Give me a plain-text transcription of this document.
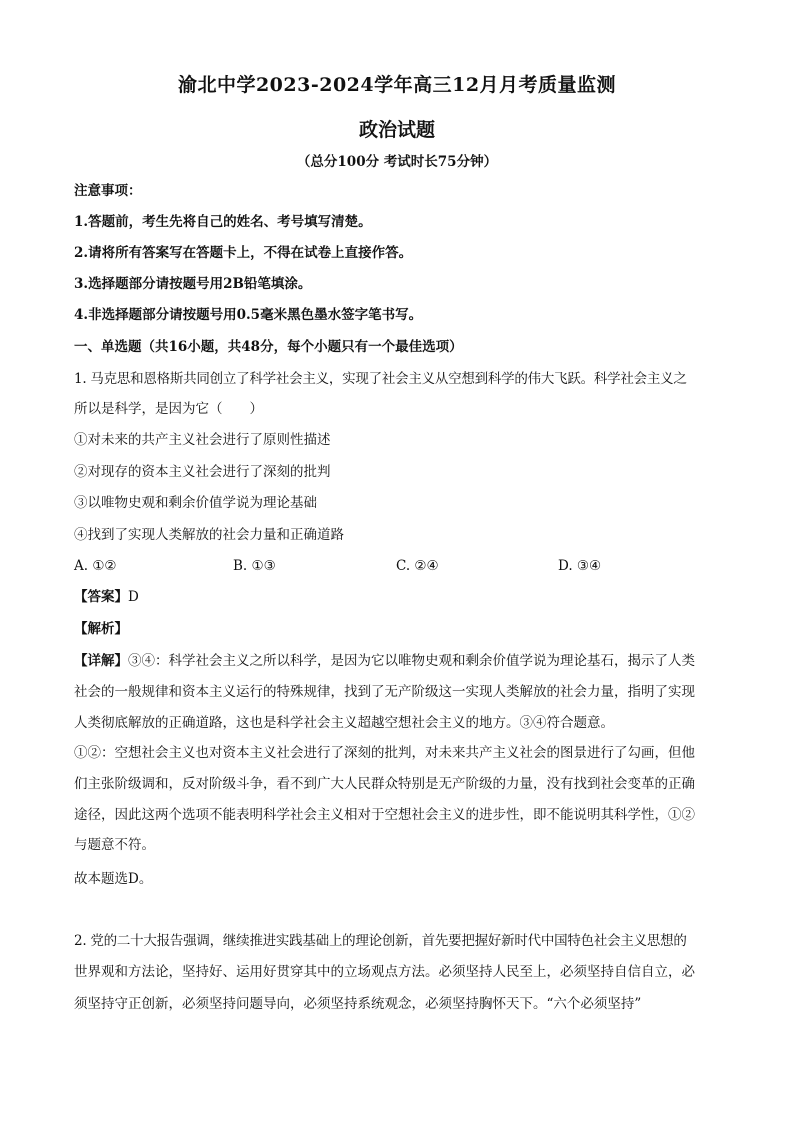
渝北中学2023-2024学年高三12月月考质量监测
政治试题
（总分100分 考试时长75分钟）
注意事项：
1.答题前，考生先将自己的姓名、考号填写清楚。
2.请将所有答案写在答题卡上，不得在试卷上直接作答。
3.选择题部分请按题号用2B铅笔填涂。
4.非选择题部分请按题号用0.5毫米黑色墨水签字笔书写。
一、单选题（共16小题，共48分，每个小题只有一个最佳选项）
1. 马克思和恩格斯共同创立了科学社会主义，实现了社会主义从空想到科学的伟大飞跃。科学社会主义之
所以是科学，是因为它（　　）
①对未来的共产主义社会进行了原则性描述
②对现存的资本主义社会进行了深刻的批判
③以唯物史观和剩余价值学说为理论基础
④找到了实现人类解放的社会力量和正确道路
A. ①②	B. ①③	C. ②④	D. ③④
【答案】D
【解析】
【详解】③④：科学社会主义之所以科学，是因为它以唯物史观和剩余价值学说为理论基石，揭示了人类
社会的一般规律和资本主义运行的特殊规律，找到了无产阶级这一实现人类解放的社会力量，指明了实现
人类彻底解放的正确道路，这也是科学社会主义超越空想社会主义的地方。③④符合题意。
①②：空想社会主义也对资本主义社会进行了深刻的批判，对未来共产主义社会的图景进行了勾画，但他
们主张阶级调和，反对阶级斗争，看不到广大人民群众特别是无产阶级的力量，没有找到社会变革的正确
途径，因此这两个选项不能表明科学社会主义相对于空想社会主义的进步性，即不能说明其科学性，①②
与题意不符。
故本题选D。
2. 党的二十大报告强调，继续推进实践基础上的理论创新，首先要把握好新时代中国特色社会主义思想的
世界观和方法论，坚持好、运用好贯穿其中的立场观点方法。必须坚持人民至上，必须坚持自信自立，必
须坚持守正创新，必须坚持问题导向，必须坚持系统观念，必须坚持胸怀天下。“六个必须坚持”
